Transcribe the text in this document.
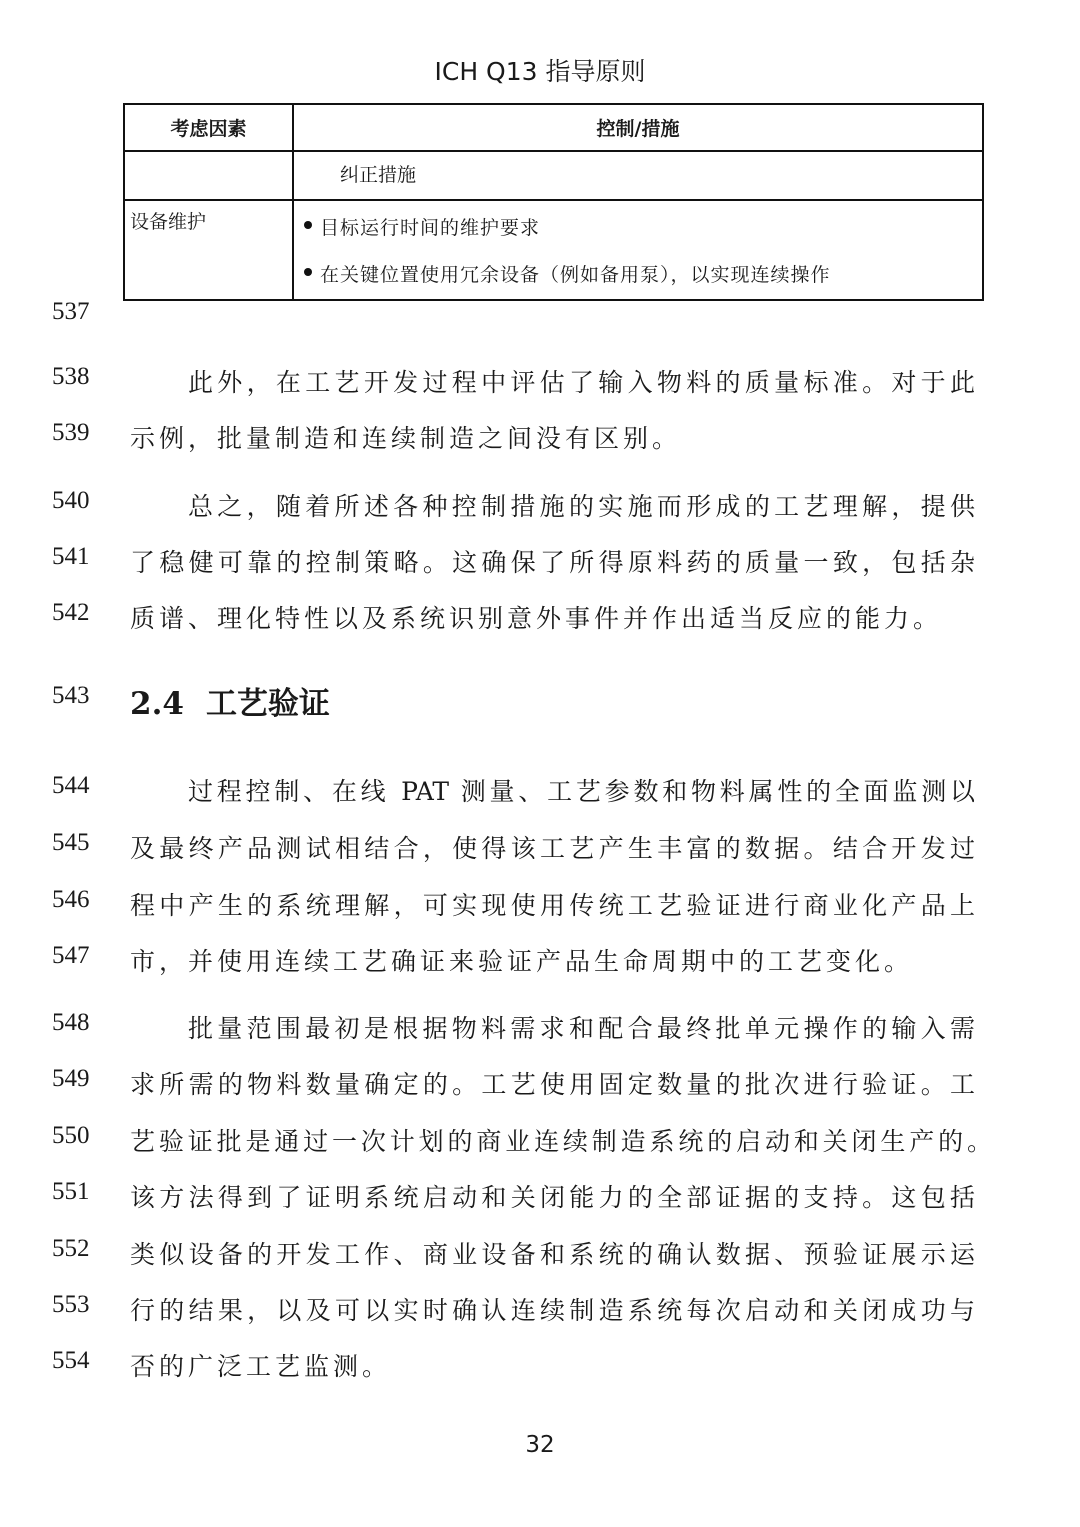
ICH Q13 指导原则
考虑因素	控制/措施
	纠正措施
设备维护	目标运行时间的维护要求
在关键位置使用冗余设备（例如备用泵），以实现连续操作
537
538	此外，在工艺开发过程中评估了输入物料的质量标准。对于此
539 示例，批量制造和连续制造之间没有区别。
540	总之，随着所述各种控制措施的实施而形成的工艺理解，提供
541 了稳健可靠的控制策略。这确保了所得原料药的质量一致，包括杂
542 质谱、理化特性以及系统识别意外事件并作出适当反应的能力。
543 2.4 工艺验证
544	过程控制、在线 PAT 测量、工艺参数和物料属性的全面监测以
545 及最终产品测试相结合，使得该工艺产生丰富的数据。结合开发过
546 程中产生的系统理解，可实现使用传统工艺验证进行商业化产品上
547 市，并使用连续工艺确证来验证产品生命周期中的工艺变化。
548	批量范围最初是根据物料需求和配合最终批单元操作的输入需
549 求所需的物料数量确定的。工艺使用固定数量的批次进行验证。工
550 艺验证批是通过一次计划的商业连续制造系统的启动和关闭生产的。
551 该方法得到了证明系统启动和关闭能力的全部证据的支持。这包括
552 类似设备的开发工作、商业设备和系统的确认数据、预验证展示运
553 行的结果，以及可以实时确认连续制造系统每次启动和关闭成功与
554 否的广泛工艺监测。
32
